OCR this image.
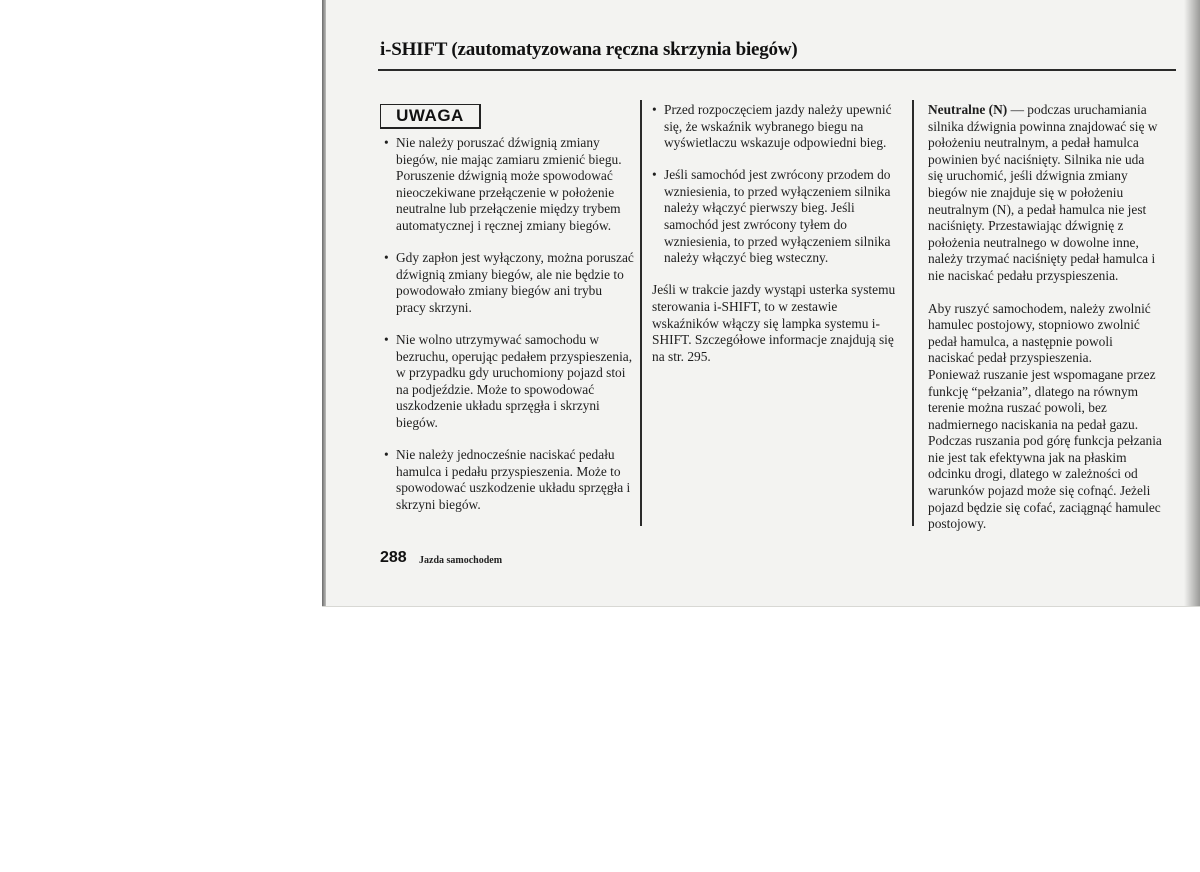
i-SHIFT (zautomatyzowana ręczna skrzynia biegów)
UWAGA
• Nie należy poruszać dźwignią zmiany biegów, nie mając zamiaru zmienić biegu. Poruszenie dźwignią może spowodować nieoczekiwane przełączenie w położenie neutralne lub przełączenie między trybem automatycznej i ręcznej zmiany biegów.
• Gdy zapłon jest wyłączony, można poruszać dźwignią zmiany biegów, ale nie będzie to powodowało zmiany biegów ani trybu pracy skrzyni.
• Nie wolno utrzymywać samochodu w bezruchu, operując pedałem przyspieszenia, w przypadku gdy uruchomiony pojazd stoi na podjeździe. Może to spowodować uszkodzenie układu sprzęgła i skrzyni biegów.
• Nie należy jednocześnie naciskać pedału hamulca i pedału przyspieszenia. Może to spowodować uszkodzenie układu sprzęgła i skrzyni biegów.
• Przed rozpoczęciem jazdy należy upewnić się, że wskaźnik wybranego biegu na wyświetlaczu wskazuje odpowiedni bieg.
• Jeśli samochód jest zwrócony przodem do wzniesienia, to przed wyłączeniem silnika należy włączyć pierwszy bieg. Jeśli samochód jest zwrócony tyłem do wzniesienia, to przed wyłączeniem silnika należy włączyć bieg wsteczny.
Jeśli w trakcie jazdy wystąpi usterka systemu sterowania i-SHIFT, to w zestawie wskaźników włączy się lampka systemu i-SHIFT. Szczegółowe informacje znajdują się na str. 295.
Neutralne (N) — podczas uruchamiania silnika dźwignia powinna znajdować się w położeniu neutralnym, a pedał hamulca powinien być naciśnięty. Silnika nie uda się uruchomić, jeśli dźwignia zmiany biegów nie znajduje się w położeniu neutralnym (N), a pedał hamulca nie jest naciśnięty. Przestawiając dźwignię z położenia neutralnego w dowolne inne, należy trzymać naciśnięty pedał hamulca i nie naciskać pedału przyspieszenia.
Aby ruszyć samochodem, należy zwolnić hamulec postojowy, stopniowo zwolnić pedał hamulca, a następnie powoli naciskać pedał przyspieszenia.
Ponieważ ruszanie jest wspomagane przez funkcję “pełzania”, dlatego na równym terenie można ruszać powoli, bez nadmiernego naciskania na pedał gazu. Podczas ruszania pod górę funkcja pełzania nie jest tak efektywna jak na płaskim odcinku drogi, dlatego w zależności od warunków pojazd może się cofnąć. Jeżeli pojazd będzie się cofać, zaciągnąć hamulec postojowy.
288 Jazda samochodem
